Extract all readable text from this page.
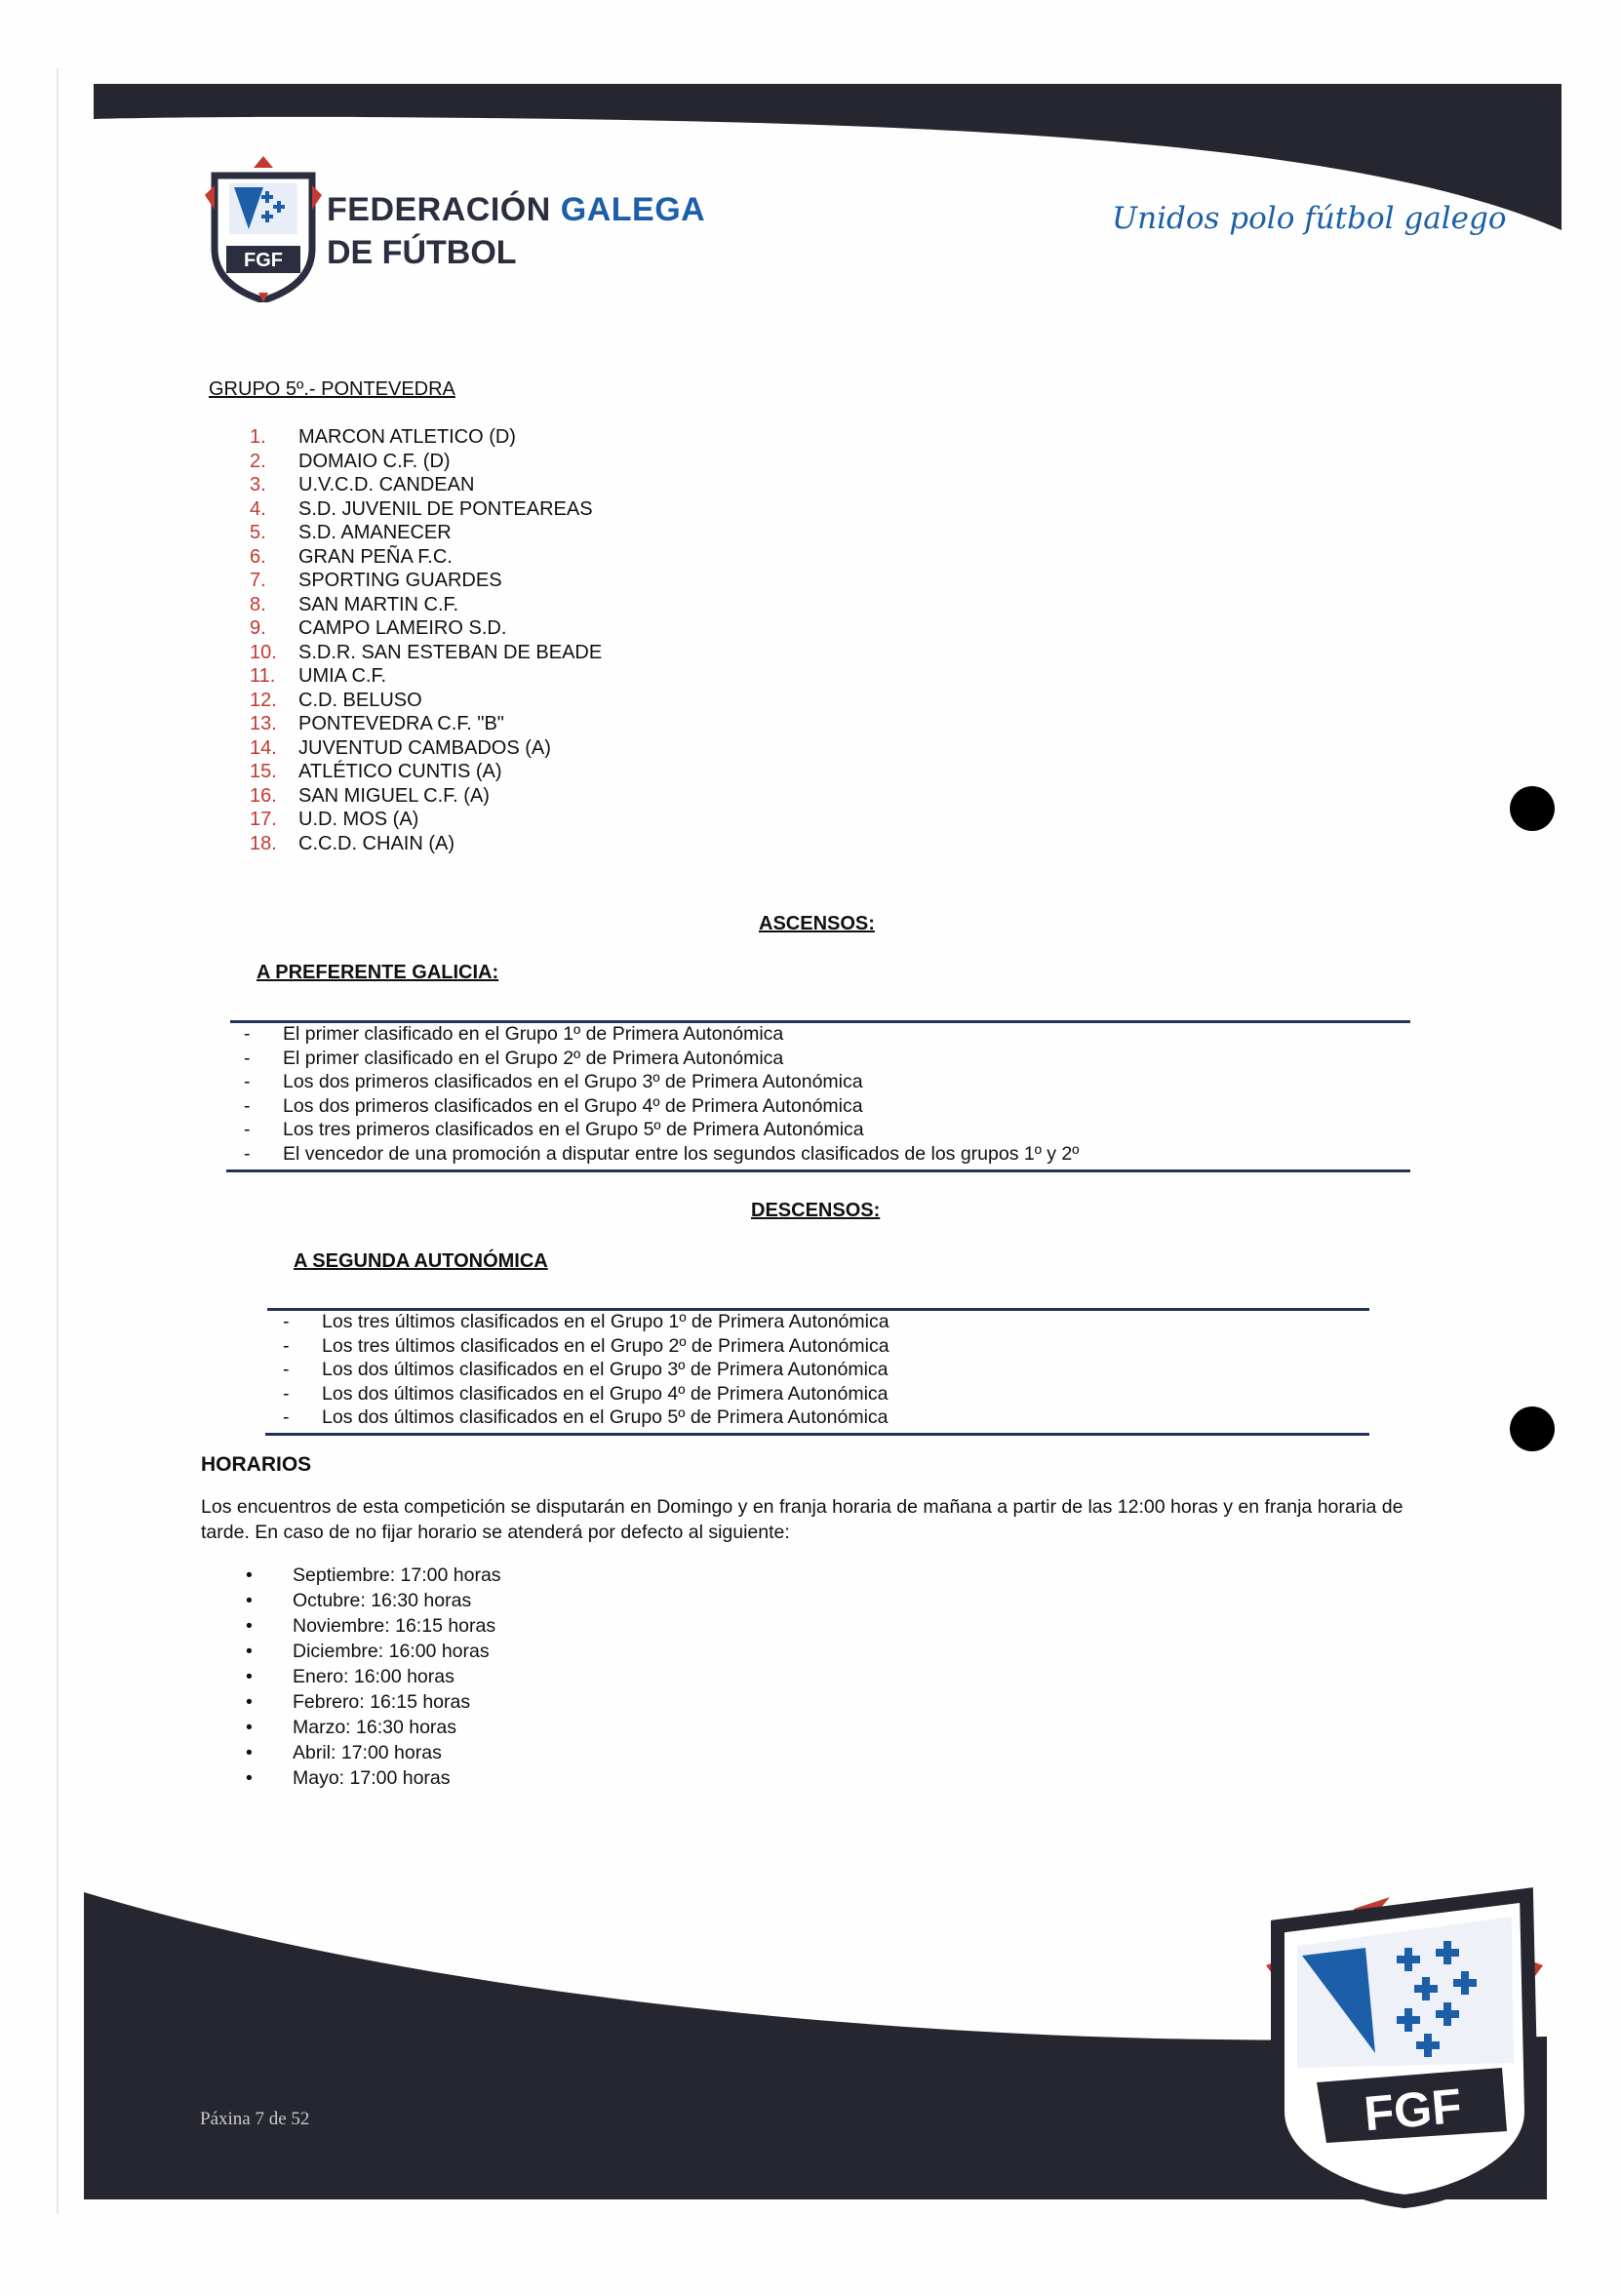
FGF
FEDERACIÓN GALEGA
DE FÚTBOL
Unidos polo fútbol galego
GRUPO 5º.- PONTEVEDRA
1.	MARCON ATLETICO (D)
2.	DOMAIO C.F. (D)
3.	U.V.C.D. CANDEAN
4.	S.D. JUVENIL DE PONTEAREAS
5.	S.D. AMANECER
6.	GRAN PEÑA F.C.
7.	SPORTING GUARDES
8.	SAN MARTIN C.F.
9.	CAMPO LAMEIRO S.D.
10.	S.D.R. SAN ESTEBAN DE BEADE
11.	UMIA C.F.
12.	C.D. BELUSO
13.	PONTEVEDRA C.F. "B"
14.	JUVENTUD CAMBADOS (A)
15.	ATLÉTICO CUNTIS (A)
16.	SAN MIGUEL C.F. (A)
17.	U.D. MOS (A)
18.	C.C.D. CHAIN (A)
ASCENSOS:
A PREFERENTE GALICIA:
-	El primer clasificado en el Grupo 1º de Primera Autonómica
-	El primer clasificado en el Grupo 2º de Primera Autonómica
-	Los dos primeros clasificados en el Grupo 3º de Primera Autonómica
-	Los dos primeros clasificados en el Grupo 4º de Primera Autonómica
-	Los tres primeros clasificados en el Grupo 5º de Primera Autonómica
-	El vencedor de una promoción a disputar entre los segundos clasificados de los grupos 1º y 2º
DESCENSOS:
A SEGUNDA AUTONÓMICA
-	Los tres últimos clasificados en el Grupo 1º de Primera Autonómica
-	Los tres últimos clasificados en el Grupo 2º de Primera Autonómica
-	Los dos últimos clasificados en el Grupo 3º de Primera Autonómica
-	Los dos últimos clasificados en el Grupo 4º de Primera Autonómica
-	Los dos últimos clasificados en el Grupo 5º de Primera Autonómica
HORARIOS
Los encuentros de esta competición se disputarán en Domingo y en franja horaria de mañana a partir de las 12:00 horas y en franja horaria de tarde. En caso de no fijar horario se atenderá por defecto al siguiente:
•	Septiembre: 17:00 horas
•	Octubre: 16:30 horas
•	Noviembre: 16:15 horas
•	Diciembre: 16:00 horas
•	Enero: 16:00 horas
•	Febrero: 16:15 horas
•	Marzo: 16:30 horas
•	Abril: 17:00 horas
•	Mayo: 17:00 horas
Páxina 7 de 52	FGF
